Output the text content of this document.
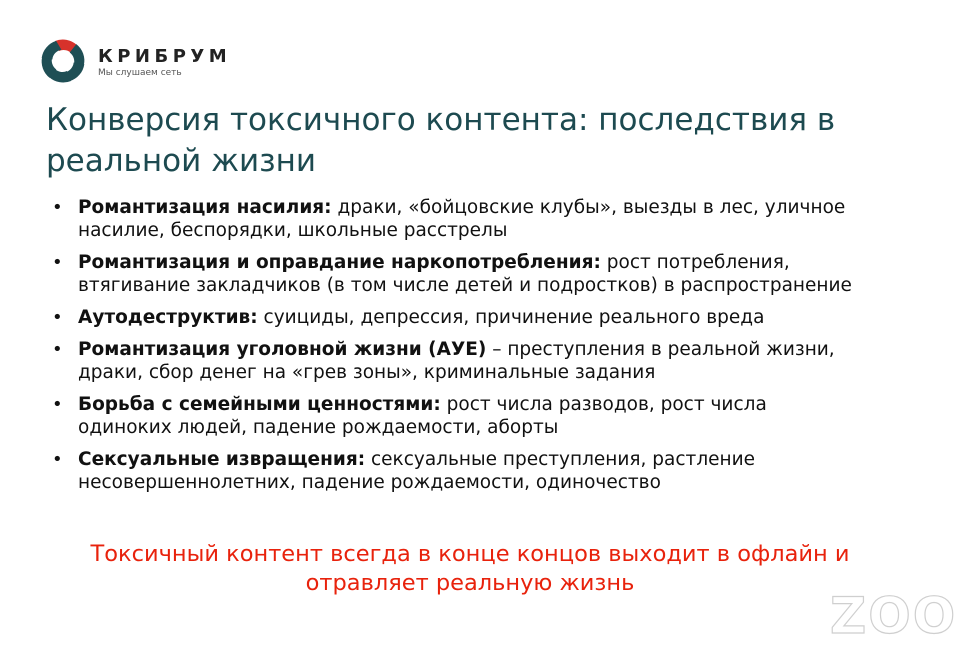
КРИБРУМ
Мы слушаем сеть
Конверсия токсичного контента: последствия в реальной жизни
• Романтизация насилия: драки, «бойцовские клубы», выезды в лес, уличное
насилие, беспорядки, школьные расстрелы
• Романтизация и оправдание наркопотребления: рост потребления,
втягивание закладчиков (в том числе детей и подростков) в распространение
• Аутодеструктив: суициды, депрессия, причинение реального вреда
• Романтизация уголовной жизни (АУЕ) – преступления в реальной жизни,
драки, сбор денег на «грев зоны», криминальные задания
• Борьба с семейными ценностями: рост числа разводов, рост числа
одиноких людей, падение рождаемости, аборты
• Сексуальные извращения: сексуальные преступления, растление
несовершеннолетних, падение рождаемости, одиночество
Токсичный контент всегда в конце концов выходит в офлайн и
отравляет реальную жизнь
ZOO
